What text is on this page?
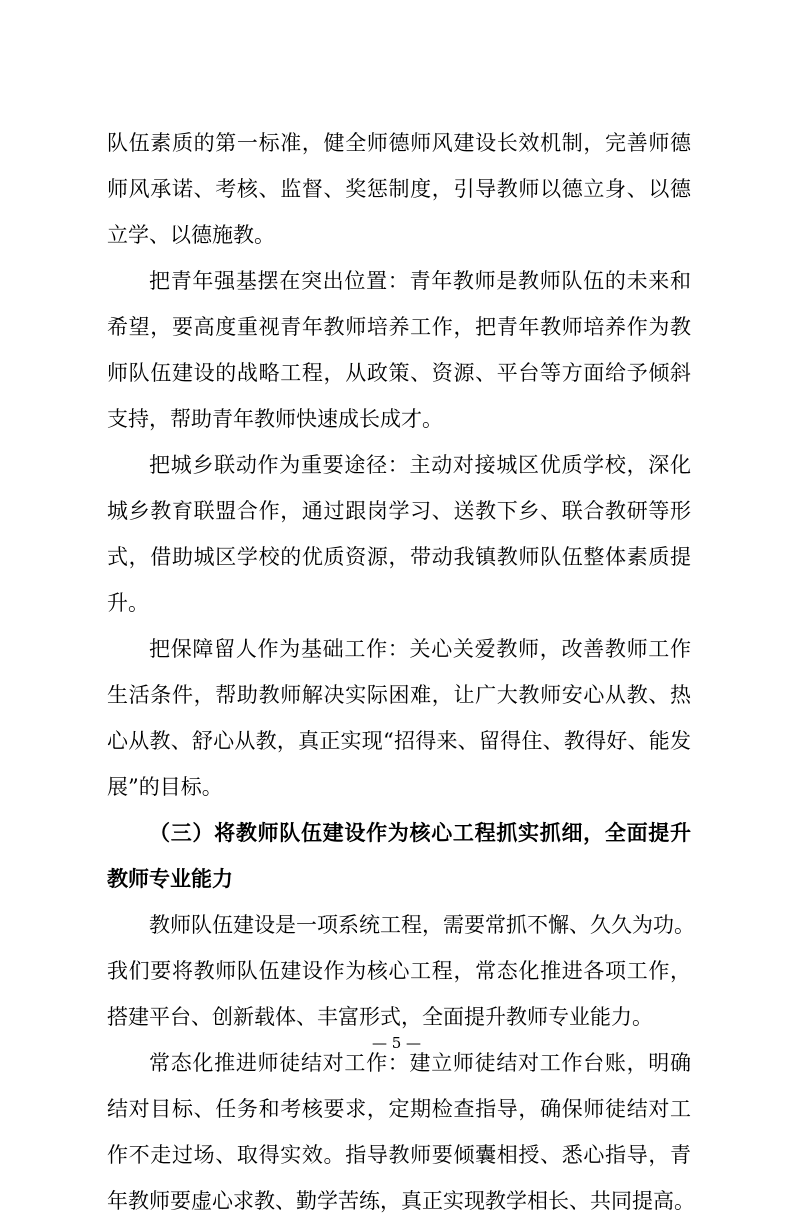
队伍素质的第一标准，健全师德师风建设长效机制，完善师德
师风承诺、考核、监督、奖惩制度，引导教师以德立身、以德
立学、以德施教。
把青年强基摆在突出位置：青年教师是教师队伍的未来和
希望，要高度重视青年教师培养工作，把青年教师培养作为教
师队伍建设的战略工程，从政策、资源、平台等方面给予倾斜
支持，帮助青年教师快速成长成才。
把城乡联动作为重要途径：主动对接城区优质学校，深化
城乡教育联盟合作，通过跟岗学习、送教下乡、联合教研等形
式，借助城区学校的优质资源，带动我镇教师队伍整体素质提
升。
把保障留人作为基础工作：关心关爱教师，改善教师工作
生活条件，帮助教师解决实际困难，让广大教师安心从教、热
心从教、舒心从教，真正实现“招得来、留得住、教得好、能发
展”的目标。
（三）将教师队伍建设作为核心工程抓实抓细，全面提升
教师专业能力
教师队伍建设是一项系统工程，需要常抓不懈、久久为功。
我们要将教师队伍建设作为核心工程，常态化推进各项工作，
搭建平台、创新载体、丰富形式，全面提升教师专业能力。
常态化推进师徒结对工作：建立师徒结对工作台账，明确
结对目标、任务和考核要求，定期检查指导，确保师徒结对工
作不走过场、取得实效。指导教师要倾囊相授、悉心指导，青
年教师要虚心求教、勤学苦练，真正实现教学相长、共同提高。
— 5 —
